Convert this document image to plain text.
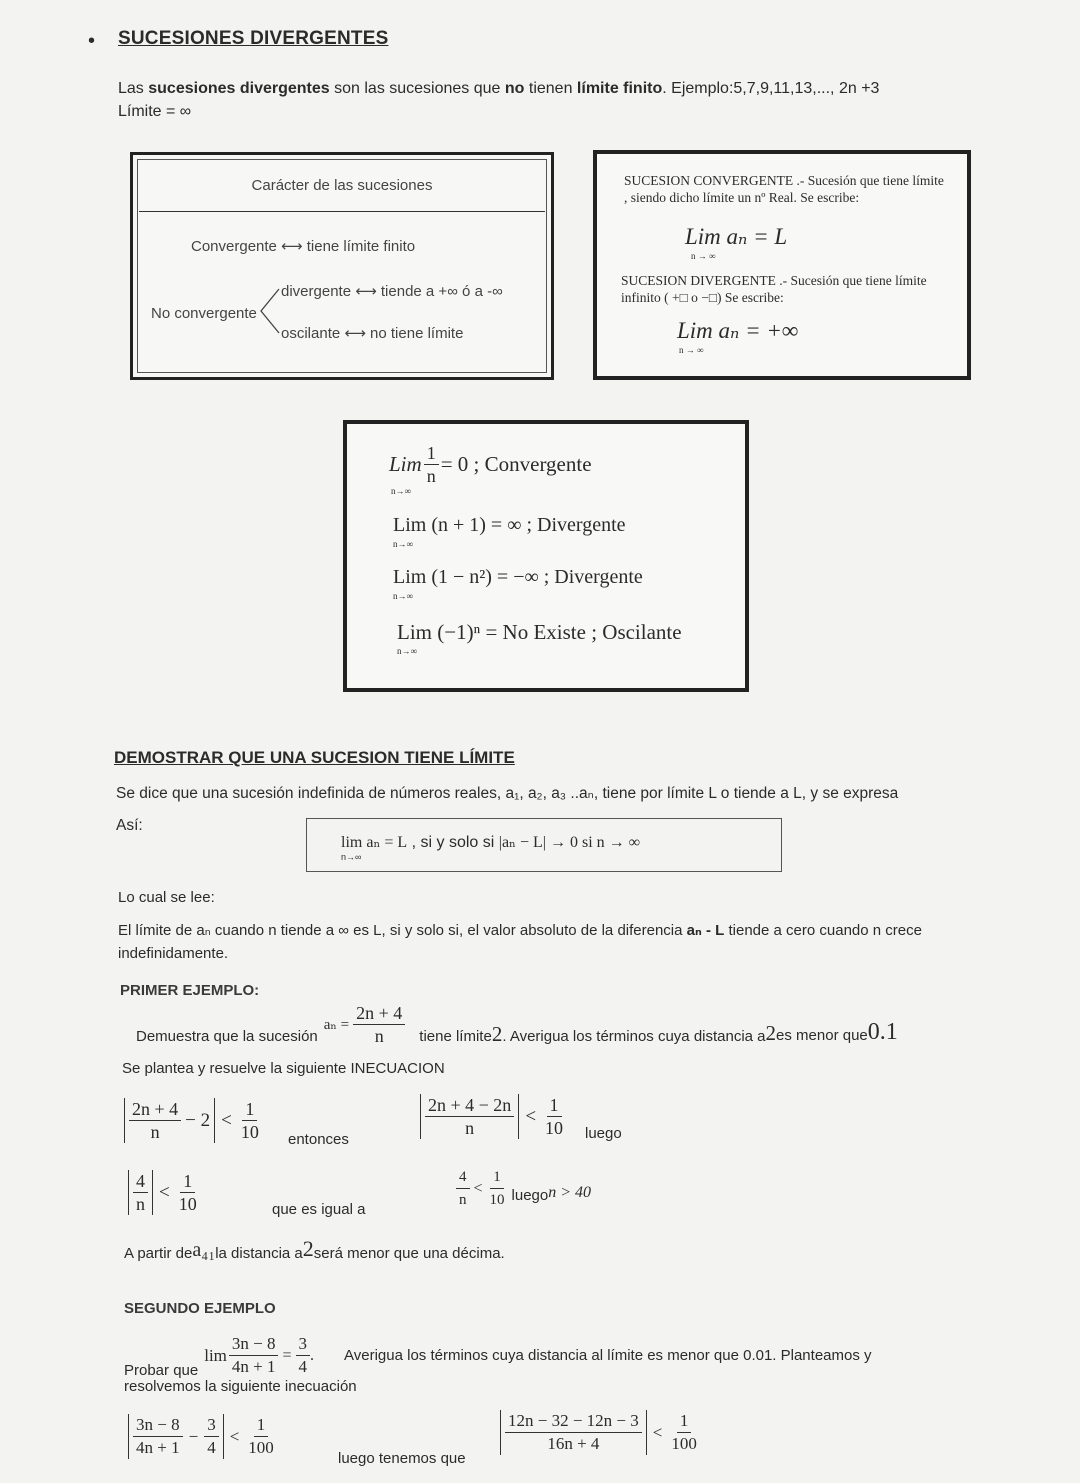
• SUCESIONES DIVERGENTES
Las sucesiones divergentes son las sucesiones que no tienen límite finito. Ejemplo:5,7,9,11,13,..., 2n +3
Límite = ∞
Carácter de las sucesiones
Convergente ⟷ tiene límite finito
divergente ⟷ tiende a +∞ ó a -∞
No convergente
oscilante ⟷ no tiene límite
SUCESION CONVERGENTE .- Sucesión que tiene límite , siendo dicho límite un nº Real. Se escribe:
Lim aₙ = L
n → ∞
SUCESION DIVERGENTE .- Sucesión que tiene límite infinito ( +□ o −□) Se escribe:
Lim aₙ = +∞
n → ∞
Lim $\frac{1}{n} = 0$ ; Convergente
n→∞
Lim (n + 1) = ∞ ; Divergente
n→∞
Lim (1 − n²) = −∞ ; Divergente
n→∞
Lim (−1)ⁿ = No Existe ; Oscilante
n→∞
DEMOSTRAR QUE UNA SUCESION TIENE LÍMITE
Se dice que una sucesión indefinida de números reales, a₁, a₂, a₃ ..aₙ, tiene por límite L o tiende a L, y se expresa
Así:
lim aₙ = L , si y solo si |aₙ − L| → 0 si n → ∞
n→∞
Lo cual se lee:
El límite de aₙ cuando n tiende a ∞ es L, si y solo si, el valor absoluto de la diferencia aₙ - L tiende a cero cuando n crece
indefinidamente.
PRIMER EJEMPLO:
Demuestra que la sucesión
$a_n = \frac{2n + 4}{n}$ tiene límite 2 . Averigua los términos cuya distancia a 2 es menor que 0.1
Se plantea y resuelve la siguiente INECUACION
$\frac{2n + 4}{n} - 2 < \frac{1}{10}$ entonces
$\frac{2n + 4 - 2n}{n} < \frac{1}{10}$ luego
$\frac{4}{n} < \frac{1}{10}$	que es igual a	$\frac{4}{n} < \frac{1}{10}$ luego n > 40
A partir de a₄₁ la distancia a 2 será menor que una décima.
SEGUNDO EJEMPLO
Probar que
$\lim \frac{3n - 8}{4n + 1} = \frac{3}{4}$ . Averigua los términos cuya distancia al límite es menor que 0.01. Planteamos y
resolvemos la siguiente inecuación
$\frac{3n - 8}{4n + 1} - \frac{3}{4} < \frac{1}{100}$	luego tenemos que
$\frac{12n - 32 - 12n - 3}{16n + 4} < \frac{1}{100}$
